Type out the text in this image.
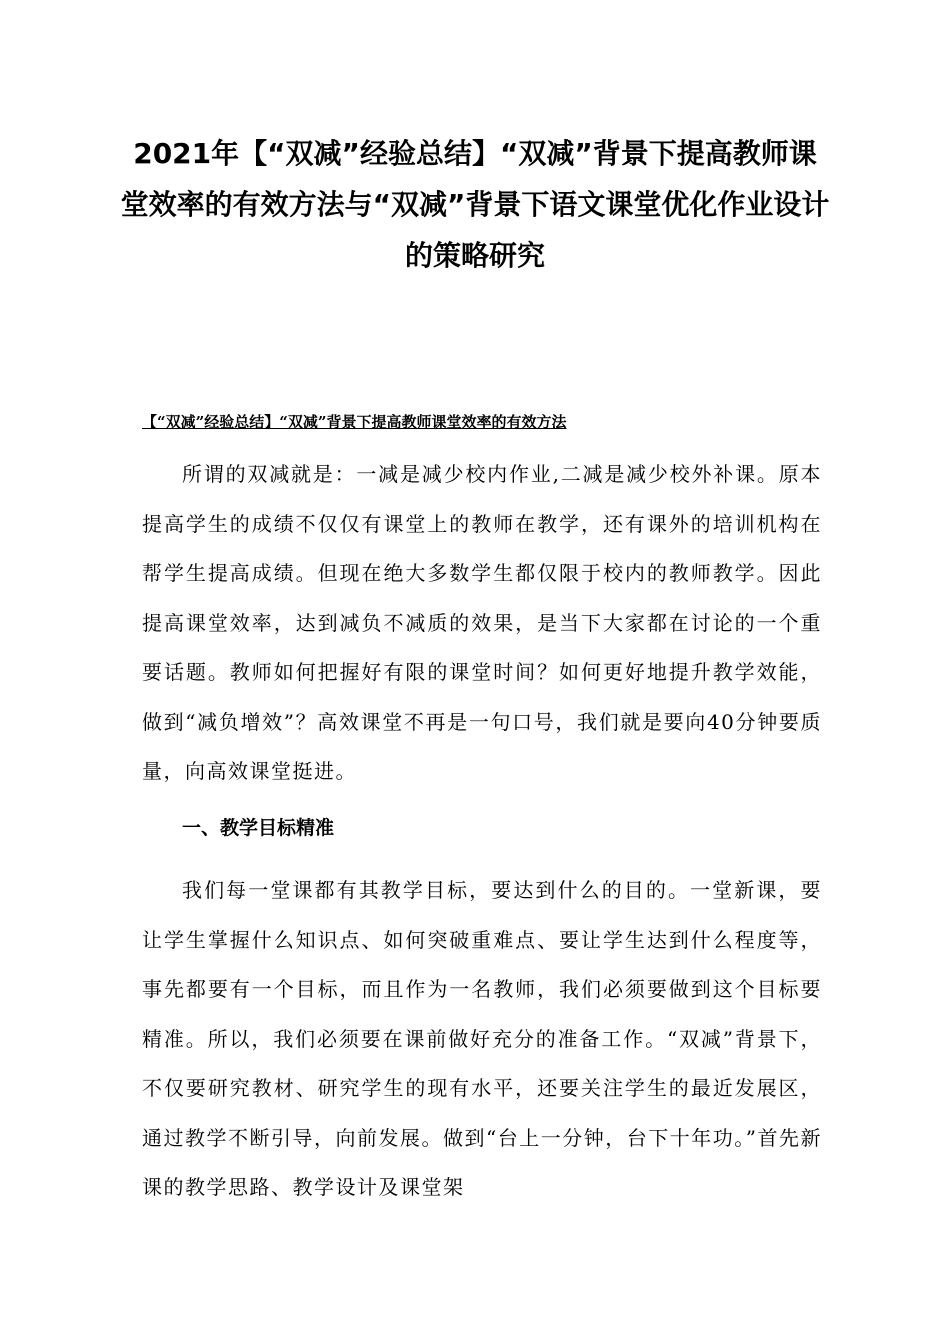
2021年【“双减”经验总结】“双减”背景下提高教师课堂效率的有效方法与“双减”背景下语文课堂优化作业设计的策略研究

【“双减”经验总结】“双减”背景下提高教师课堂效率的有效方法

所谓的双减就是：一减是减少校内作业,二减是减少校外补课。原本提高学生的成绩不仅仅有课堂上的教师在教学，还有课外的培训机构在帮学生提高成绩。但现在绝大多数学生都仅限于校内的教师教学。因此提高课堂效率，达到减负不减质的效果，是当下大家都在讨论的一个重要话题。教师如何把握好有限的课堂时间？如何更好地提升教学效能，做到“减负增效”？高效课堂不再是一句口号，我们就是要向40分钟要质量，向高效课堂挺进。

一、教学目标精准

我们每一堂课都有其教学目标，要达到什么的目的。一堂新课，要让学生掌握什么知识点、如何突破重难点、要让学生达到什么程度等，事先都要有一个目标，而且作为一名教师，我们必须要做到这个目标要精准。所以，我们必须要在课前做好充分的准备工作。“双减”背景下，不仅要研究教材、研究学生的现有水平，还要关注学生的最近发展区，通过教学不断引导，向前发展。做到“台上一分钟，台下十年功。”首先新课的教学思路、教学设计及课堂架
